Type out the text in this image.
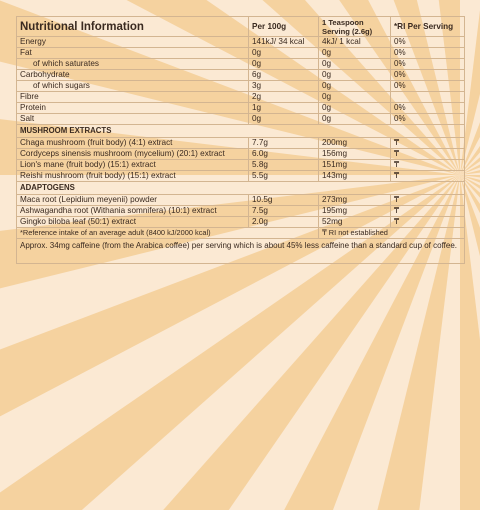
Nutritional Information	Per 100g	1 Teaspoon Serving (2.6g)	*RI Per Serving
Energy	141kJ/ 34 kcal	4kJ/ 1 kcal	0%
Fat	0g	0g	0%
of which saturates	0g	0g	0%
Carbohydrate	6g	0g	0%
of which sugars	3g	0g	0%
Fibre	2g	0g	
Protein	1g	0g	0%
Salt	0g	0g	0%
MUSHROOM EXTRACTS			
Chaga mushroom (fruit body) (4:1) extract	7.7g	200mg	₸
Cordyceps sinensis mushroom (mycelium) (20:1) extract	6.0g	156mg	₸
Lion's mane (fruit body) (15:1) extract	5.8g	151mg	₸
Reishi mushroom (fruit body) (15:1) extract	5.5g	143mg	₸
ADAPTOGENS			
Maca root (Lepidium meyenii) powder	10.5g	273mg	₸
Ashwagandha root (Withania somnifera) (10:1) extract	7.5g	195mg	₸
Gingko biloba leaf (50:1) extract	2.0g	52mg	₸
*Reference intake of an average adult (8400 kJ/2000 kcal)		₸ RI not established	
Approx. 34mg caffeine (from the Arabica coffee) per serving which is about 45% less caffeine than a standard cup of coffee.			
